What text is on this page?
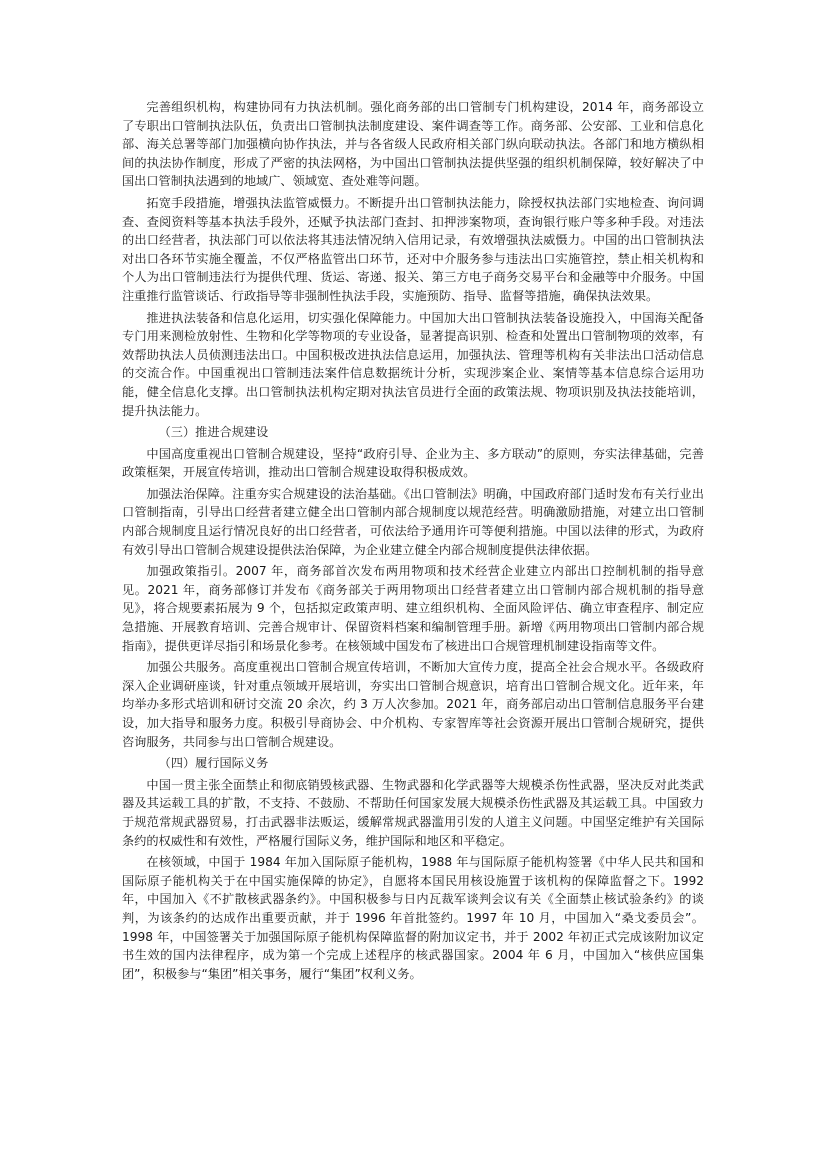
完善组织机构，构建协同有力执法机制。强化商务部的出口管制专门机构建设，2014 年，商务部设立了专职出口管制执法队伍，负责出口管制执法制度建设、案件调查等工作。商务部、公安部、工业和信息化部、海关总署等部门加强横向协作执法，并与各省级人民政府相关部门纵向联动执法。各部门和地方横纵相间的执法协作制度，形成了严密的执法网格，为中国出口管制执法提供坚强的组织机制保障，较好解决了中国出口管制执法遇到的地域广、领域宽、查处难等问题。

拓宽手段措施，增强执法监管威慑力。不断提升出口管制执法能力，除授权执法部门实地检查、询问调查、查阅资料等基本执法手段外，还赋予执法部门查封、扣押涉案物项，查询银行账户等多种手段。对违法的出口经营者，执法部门可以依法将其违法情况纳入信用记录，有效增强执法威慑力。中国的出口管制执法对出口各环节实施全覆盖，不仅严格监管出口环节，还对中介服务参与违法出口实施管控，禁止相关机构和个人为出口管制违法行为提供代理、货运、寄递、报关、第三方电子商务交易平台和金融等中介服务。中国注重推行监管谈话、行政指导等非强制性执法手段，实施预防、指导、监督等措施，确保执法效果。

推进执法装备和信息化运用，切实强化保障能力。中国加大出口管制执法装备设施投入，中国海关配备专门用来测检放射性、生物和化学等物项的专业设备，显著提高识别、检查和处置出口管制物项的效率，有效帮助执法人员侦测违法出口。中国积极改进执法信息运用，加强执法、管理等机构有关非法出口活动信息的交流合作。中国重视出口管制违法案件信息数据统计分析，实现涉案企业、案情等基本信息综合运用功能，健全信息化支撑。出口管制执法机构定期对执法官员进行全面的政策法规、物项识别及执法技能培训，提升执法能力。

（三）推进合规建设

中国高度重视出口管制合规建设，坚持“政府引导、企业为主、多方联动”的原则，夯实法律基础，完善政策框架，开展宣传培训，推动出口管制合规建设取得积极成效。

加强法治保障。注重夯实合规建设的法治基础。《出口管制法》明确，中国政府部门适时发布有关行业出口管制指南，引导出口经营者建立健全出口管制内部合规制度以规范经营。明确激励措施，对建立出口管制内部合规制度且运行情况良好的出口经营者，可依法给予通用许可等便利措施。中国以法律的形式，为政府有效引导出口管制合规建设提供法治保障，为企业建立健全内部合规制度提供法律依据。

加强政策指引。2007 年，商务部首次发布两用物项和技术经营企业建立内部出口控制机制的指导意见。2021 年，商务部修订并发布《商务部关于两用物项出口经营者建立出口管制内部合规机制的指导意见》，将合规要素拓展为 9 个，包括拟定政策声明、建立组织机构、全面风险评估、确立审查程序、制定应急措施、开展教育培训、完善合规审计、保留资料档案和编制管理手册。新增《两用物项出口管制内部合规指南》，提供更详尽指引和场景化参考。在核领域中国发布了核进出口合规管理机制建设指南等文件。

加强公共服务。高度重视出口管制合规宣传培训，不断加大宣传力度，提高全社会合规水平。各级政府深入企业调研座谈，针对重点领域开展培训，夯实出口管制合规意识，培育出口管制合规文化。近年来，年均举办多形式培训和研讨交流 20 余次，约 3 万人次参加。2021 年，商务部启动出口管制信息服务平台建设，加大指导和服务力度。积极引导商协会、中介机构、专家智库等社会资源开展出口管制合规研究，提供咨询服务，共同参与出口管制合规建设。

（四）履行国际义务

中国一贯主张全面禁止和彻底销毁核武器、生物武器和化学武器等大规模杀伤性武器，坚决反对此类武器及其运载工具的扩散，不支持、不鼓励、不帮助任何国家发展大规模杀伤性武器及其运载工具。中国致力于规范常规武器贸易，打击武器非法贩运，缓解常规武器滥用引发的人道主义问题。中国坚定维护有关国际条约的权威性和有效性，严格履行国际义务，维护国际和地区和平稳定。

在核领域，中国于 1984 年加入国际原子能机构，1988 年与国际原子能机构签署《中华人民共和国和国际原子能机构关于在中国实施保障的协定》，自愿将本国民用核设施置于该机构的保障监督之下。1992 年，中国加入《不扩散核武器条约》。中国积极参与日内瓦裁军谈判会议有关《全面禁止核试验条约》的谈判，为该条约的达成作出重要贡献，并于 1996 年首批签约。1997 年 10 月，中国加入“桑戈委员会”。1998 年，中国签署关于加强国际原子能机构保障监督的附加议定书，并于 2002 年初正式完成该附加议定书生效的国内法律程序，成为第一个完成上述程序的核武器国家。2004 年 6 月，中国加入“核供应国集团”，积极参与“集团”相关事务，履行“集团”权利义务。
